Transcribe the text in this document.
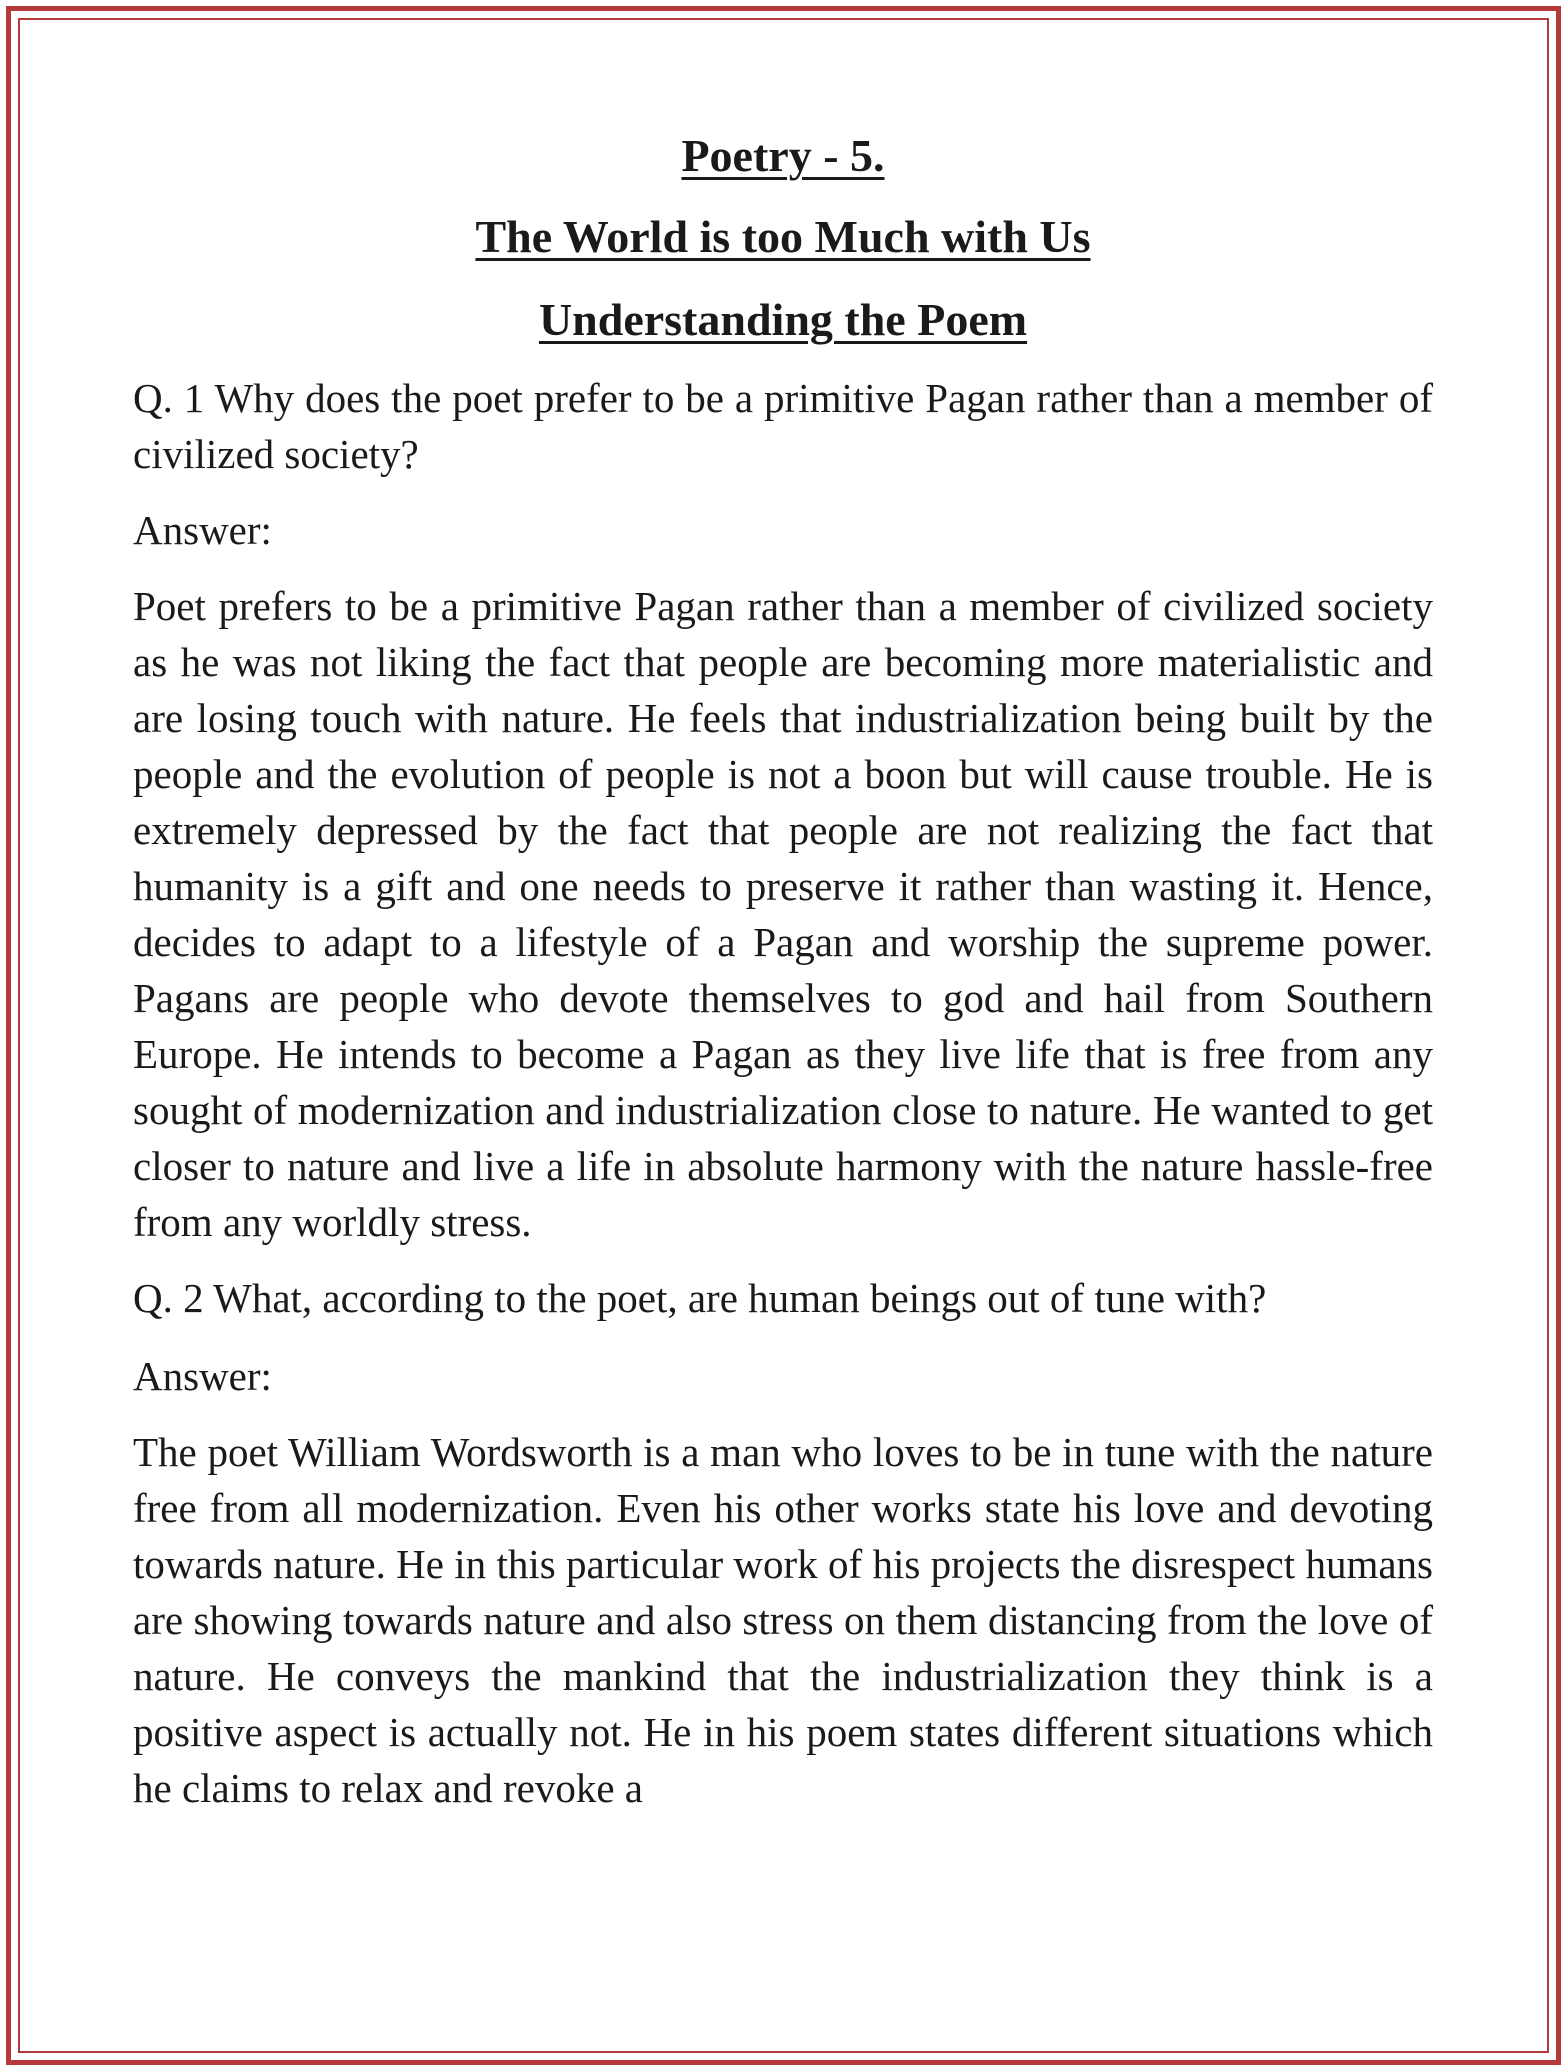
Poetry - 5.
The World is too Much with Us
Understanding the Poem

Q. 1 Why does the poet prefer to be a primitive Pagan rather than a member of civilized society?

Answer:

Poet prefers to be a primitive Pagan rather than a member of civilized society as he was not liking the fact that people are becoming more materialistic and are losing touch with nature. He feels that industrialization being built by the people and the evolution of people is not a boon but will cause trouble. He is extremely depressed by the fact that people are not realizing the fact that humanity is a gift and one needs to preserve it rather than wasting it. Hence, decides to adapt to a lifestyle of a Pagan and worship the supreme power. Pagans are people who devote themselves to god and hail from Southern Europe. He intends to become a Pagan as they live life that is free from any sought of modernization and industrialization close to nature. He wanted to get closer to nature and live a life in absolute harmony with the nature hassle-free from any worldly stress.

Q. 2 What, according to the poet, are human beings out of tune with?

Answer:

The poet William Wordsworth is a man who loves to be in tune with the nature free from all modernization. Even his other works state his love and devoting towards nature. He in this particular work of his projects the disrespect humans are showing towards nature and also stress on them distancing from the love of nature. He conveys the mankind that the industrialization they think is a positive aspect is actually not. He in his poem states different situations which he claims to relax and revoke a
